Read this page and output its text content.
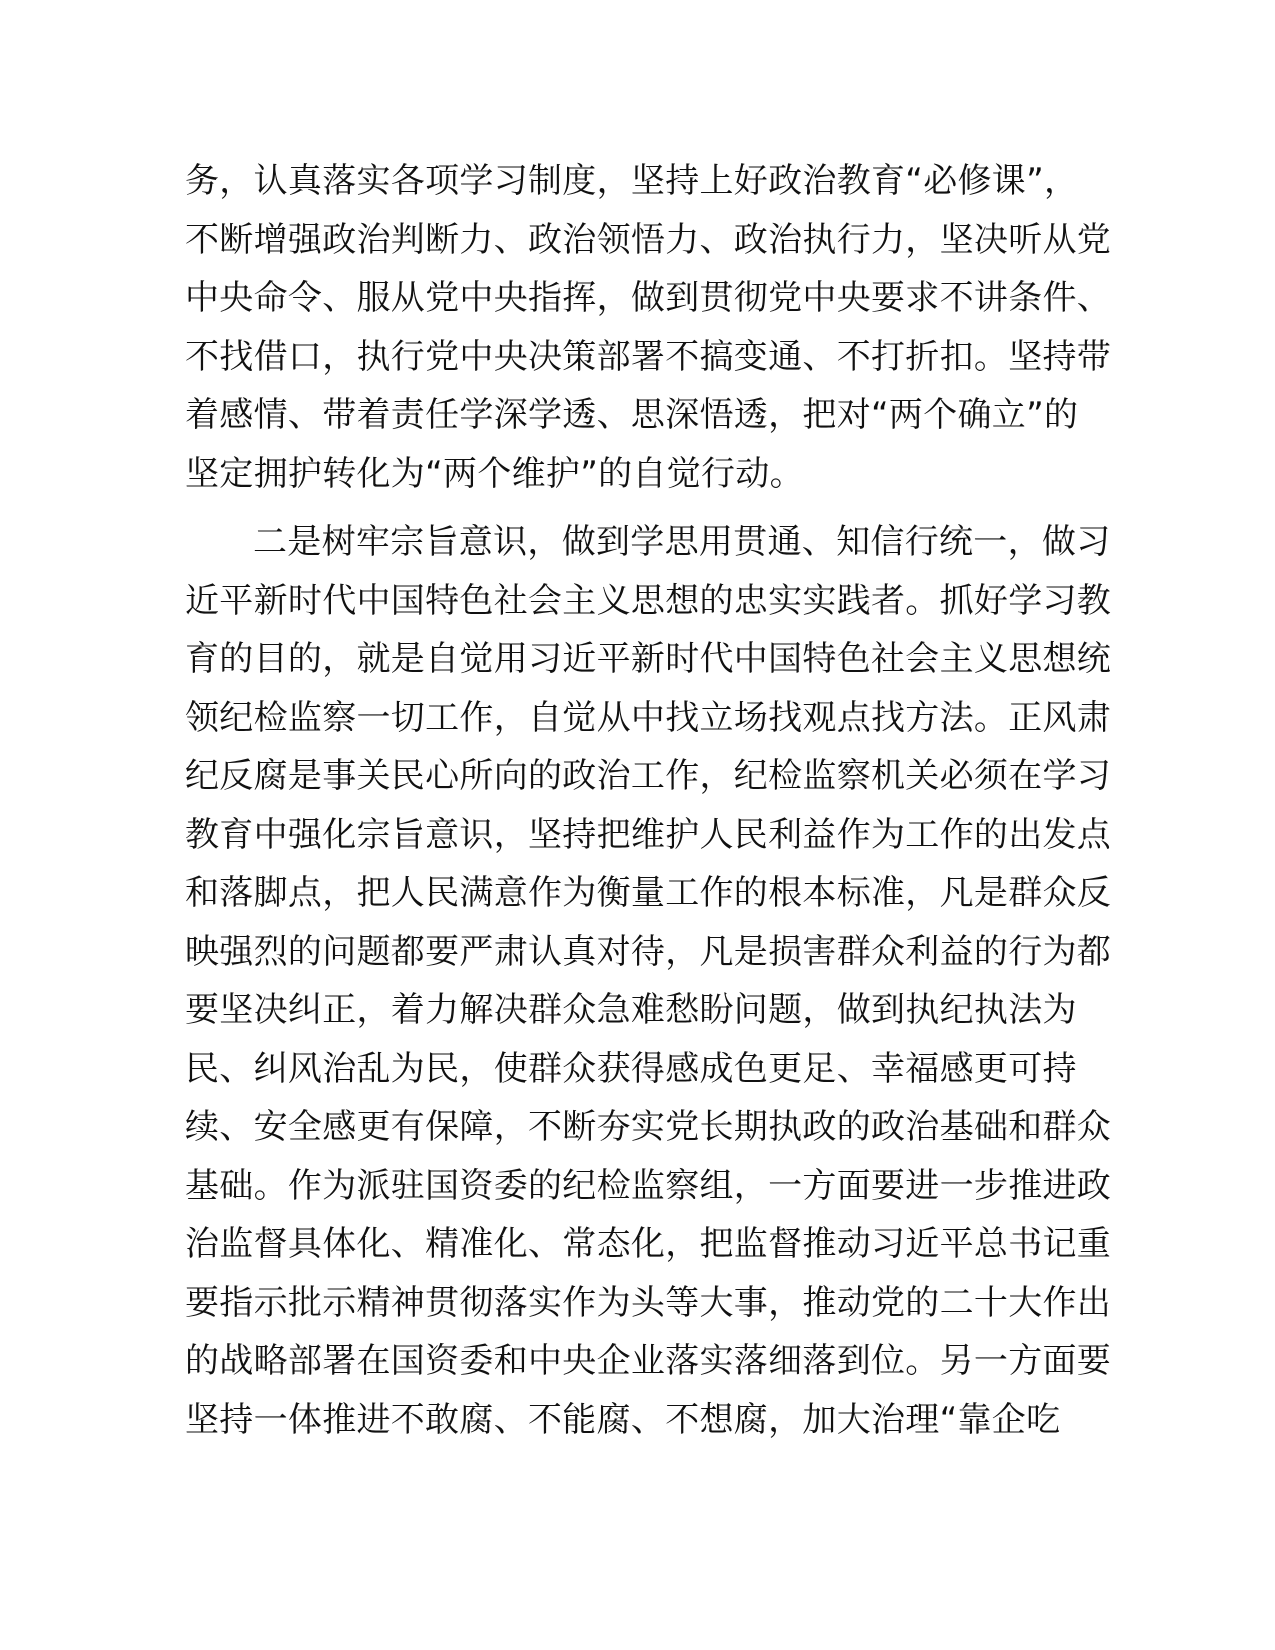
务，认真落实各项学习制度，坚持上好政治教育“必修课”，
不断增强政治判断力、政治领悟力、政治执行力，坚决听从党
中央命令、服从党中央指挥，做到贯彻党中央要求不讲条件、
不找借口，执行党中央决策部署不搞变通、不打折扣。坚持带
着感情、带着责任学深学透、思深悟透，把对“两个确立”的
坚定拥护转化为“两个维护”的自觉行动。
二是树牢宗旨意识，做到学思用贯通、知信行统一，做习
近平新时代中国特色社会主义思想的忠实实践者。抓好学习教
育的目的，就是自觉用习近平新时代中国特色社会主义思想统
领纪检监察一切工作，自觉从中找立场找观点找方法。正风肃
纪反腐是事关民心所向的政治工作，纪检监察机关必须在学习
教育中强化宗旨意识，坚持把维护人民利益作为工作的出发点
和落脚点，把人民满意作为衡量工作的根本标准，凡是群众反
映强烈的问题都要严肃认真对待，凡是损害群众利益的行为都
要坚决纠正，着力解决群众急难愁盼问题，做到执纪执法为
民、纠风治乱为民，使群众获得感成色更足、幸福感更可持
续、安全感更有保障，不断夯实党长期执政的政治基础和群众
基础。作为派驻国资委的纪检监察组，一方面要进一步推进政
治监督具体化、精准化、常态化，把监督推动习近平总书记重
要指示批示精神贯彻落实作为头等大事，推动党的二十大作出
的战略部署在国资委和中央企业落实落细落到位。另一方面要
坚持一体推进不敢腐、不能腐、不想腐，加大治理“靠企吃
